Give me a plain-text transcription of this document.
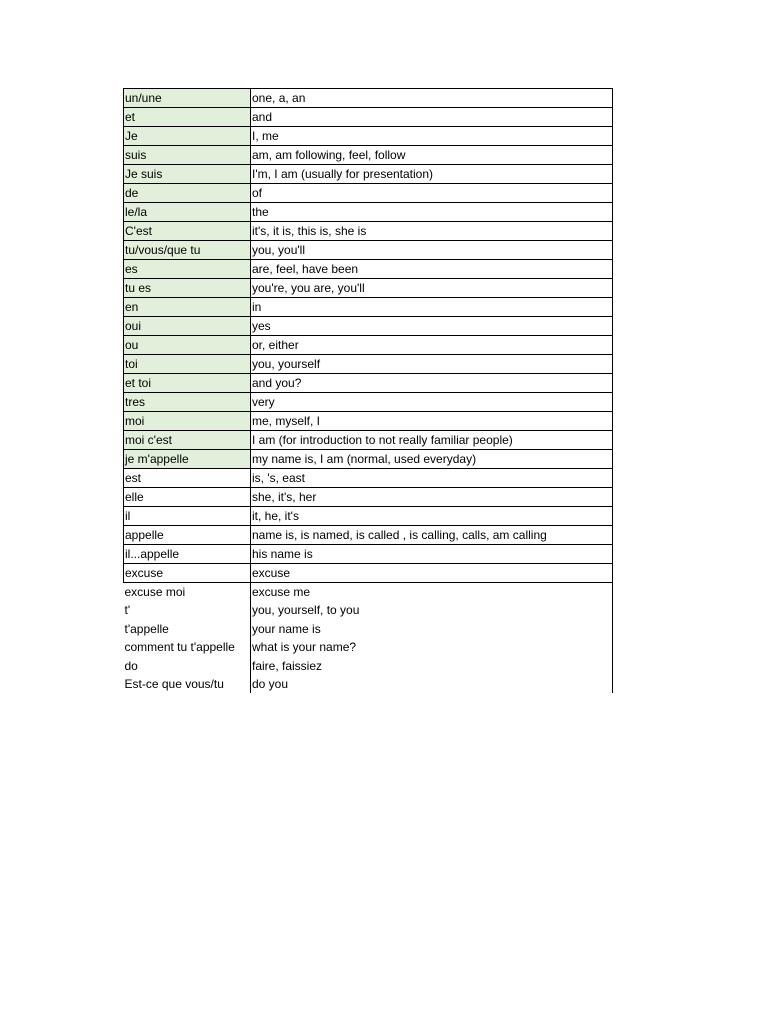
un/une	one, a, an
et	and
Je	I, me
suis	am, am following, feel, follow
Je suis	I'm, I am (usually for presentation)
de	of
le/la	the
C'est	it's, it is, this is, she is
tu/vous/que tu	you, you'll
es	are, feel, have been
tu es	you're, you are, you'll
en	in
oui	yes
ou	or, either
toi	you, yourself
et toi	and you?
tres	very
moi	me, myself, I
moi c'est	I am (for introduction to not really familiar people)
je m'appelle	my name is, I am (normal, used everyday)
est	is, 's, east
elle	she, it's, her
il	it, he, it's
appelle	name is, is named, is called , is calling, calls, am calling
il...appelle	his name is
excuse	excuse
excuse moi	excuse me
t'	you, yourself, to you
t'appelle	your name is
comment tu t'appelle	what is your name?
do	faire, faissiez
Est-ce que vous/tu	do you
